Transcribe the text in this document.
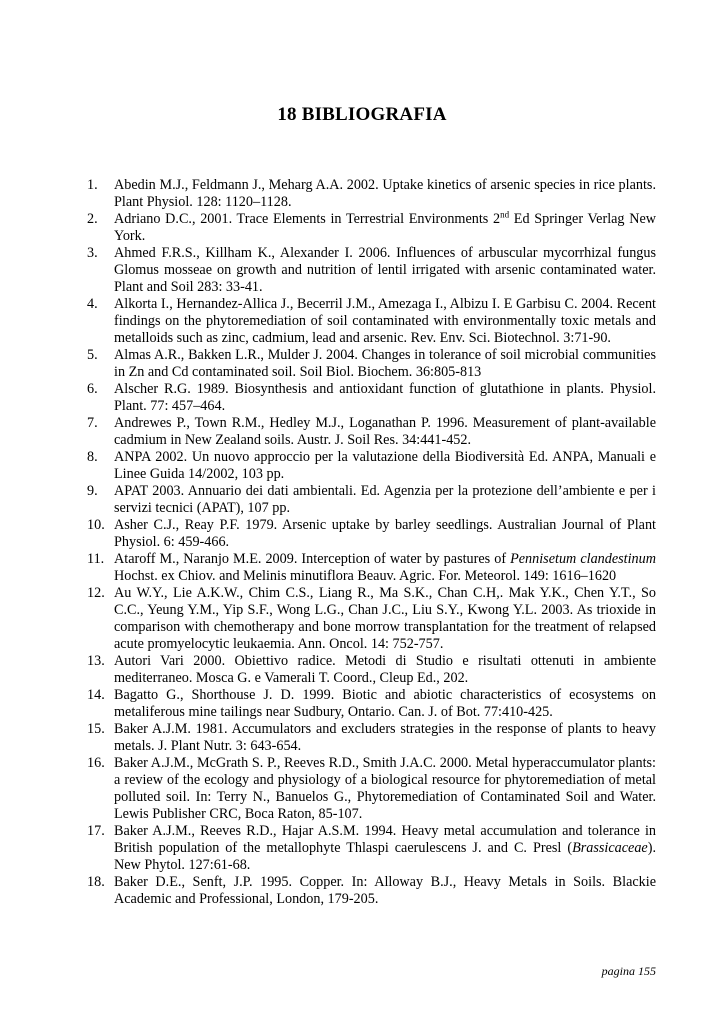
18 BIBLIOGRAFIA
1.	Abedin M.J., Feldmann J., Meharg A.A. 2002. Uptake kinetics of arsenic species in rice plants. Plant Physiol. 128: 1120–1128.
2.	Adriano D.C., 2001. Trace Elements in Terrestrial Environments 2nd Ed Springer Verlag New York.
3.	Ahmed F.R.S., Killham K., Alexander I. 2006. Influences of arbuscular mycorrhizal fungus Glomus mosseae on growth and nutrition of lentil irrigated with arsenic contaminated water. Plant and Soil 283: 33-41.
4.	Alkorta I., Hernandez-Allica J., Becerril J.M., Amezaga I., Albizu I. E Garbisu C. 2004. Recent findings on the phytoremediation of soil contaminated with environmentally toxic metals and metalloids such as zinc, cadmium, lead and arsenic. Rev. Env. Sci. Biotechnol. 3:71-90.
5.	Almas A.R., Bakken L.R., Mulder J. 2004. Changes in tolerance of soil microbial communities in Zn and Cd contaminated soil. Soil Biol. Biochem. 36:805-813
6.	Alscher R.G. 1989. Biosynthesis and antioxidant function of glutathione in plants. Physiol. Plant. 77: 457–464.
7.	Andrewes P., Town R.M., Hedley M.J., Loganathan P. 1996. Measurement of plant-available cadmium in New Zealand soils. Austr. J. Soil Res. 34:441-452.
8.	ANPA 2002. Un nuovo approccio per la valutazione della Biodiversità Ed. ANPA, Manuali e Linee Guida 14/2002, 103 pp.
9.	APAT 2003. Annuario dei dati ambientali. Ed. Agenzia per la protezione dell’ambiente e per i servizi tecnici (APAT), 107 pp.
10. Asher C.J., Reay P.F. 1979. Arsenic uptake by barley seedlings. Australian Journal of Plant Physiol. 6: 459-466.
11. Ataroff M., Naranjo M.E. 2009. Interception of water by pastures of Pennisetum clandestinum Hochst. ex Chiov. and Melinis minutiflora Beauv. Agric. For. Meteorol. 149: 1616–1620
12. Au W.Y., Lie A.K.W., Chim C.S., Liang R., Ma S.K., Chan C.H,. Mak Y.K., Chen Y.T., So C.C., Yeung Y.M., Yip S.F., Wong L.G., Chan J.C., Liu S.Y., Kwong Y.L. 2003. As trioxide in comparison with chemotherapy and bone morrow transplantation for the treatment of relapsed acute promyelocytic leukaemia. Ann. Oncol. 14: 752-757.
13. Autori Vari 2000. Obiettivo radice. Metodi di Studio e risultati ottenuti in ambiente mediterraneo. Mosca G. e Vamerali T. Coord., Cleup Ed., 202.
14. Bagatto G., Shorthouse J. D. 1999. Biotic and abiotic characteristics of ecosystems on metaliferous mine tailings near Sudbury, Ontario. Can. J. of Bot. 77:410-425.
15. Baker A.J.M. 1981. Accumulators and excluders strategies in the response of plants to heavy metals. J. Plant Nutr. 3: 643-654.
16. Baker A.J.M., McGrath S. P., Reeves R.D., Smith J.A.C. 2000. Metal hyperaccumulator plants: a review of the ecology and physiology of a biological resource for phytoremediation of metal polluted soil. In: Terry N., Banuelos G., Phytoremediation of Contaminated Soil and Water. Lewis Publisher CRC, Boca Raton, 85-107.
17. Baker A.J.M., Reeves R.D., Hajar A.S.M. 1994. Heavy metal accumulation and tolerance in British population of the metallophyte Thlaspi caerulescens J. and C. Presl (Brassicaceae). New Phytol. 127:61-68.
18. Baker D.E., Senft, J.P. 1995. Copper. In: Alloway B.J., Heavy Metals in Soils. Blackie Academic and Professional, London, 179-205.
pagina 155
